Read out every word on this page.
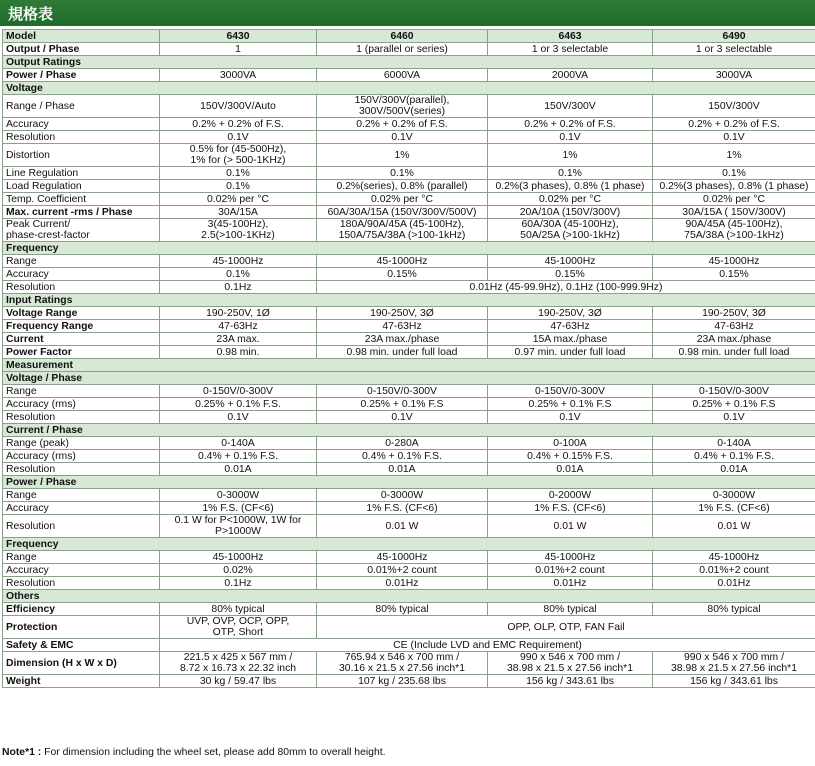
規格表
Model	6430	6460	6463	6490
Output / Phase	1	1 (parallel or series)	1 or 3 selectable	1 or 3 selectable
Output Ratings				
Power / Phase	3000VA	6000VA	2000VA	3000VA
Voltage				
Range / Phase	150V/300V/Auto	150V/300V(parallel),
300V/500V(series)	150V/300V	150V/300V
Accuracy	0.2% + 0.2% of F.S.	0.2% + 0.2% of F.S.	0.2% + 0.2% of F.S.	0.2% + 0.2% of F.S.
Resolution	0.1V	0.1V	0.1V	0.1V
Distortion	0.5% for (45-500Hz),
1% for (> 500-1KHz)	1%	1%	1%
Line Regulation	0.1%	0.1%	0.1%	0.1%
Load Regulation	0.1%	0.2%(series), 0.8% (parallel)	0.2%(3 phases), 0.8% (1 phase)	0.2%(3 phases), 0.8% (1 phase)
Temp. Coefficient	0.02% per °C	0.02% per °C	0.02% per °C	0.02% per °C
Max. current -rms / Phase	30A/15A	60A/30A/15A (150V/300V/500V)	20A/10A (150V/300V)	30A/15A ( 150V/300V)
Peak Current/
phase-crest-factor	3(45-100Hz),
2.5(>100-1KHz)	180A/90A/45A (45-100Hz),
150A/75A/38A (>100-1kHz)	60A/30A (45-100Hz),
50A/25A (>100-1kHz)	90A/45A (45-100Hz),
75A/38A (>100-1kHz)
Frequency				
Range	45-1000Hz	45-1000Hz	45-1000Hz	45-1000Hz
Accuracy	0.1%	0.15%	0.15%	0.15%
Resolution	0.1Hz	0.01Hz (45-99.9Hz), 0.1Hz (100-999.9Hz)		
Input Ratings				
Voltage Range	190-250V, 1Ø	190-250V, 3Ø	190-250V, 3Ø	190-250V, 3Ø
Frequency Range	47-63Hz	47-63Hz	47-63Hz	47-63Hz
Current	23A max.	23A max./phase	15A max./phase	23A max./phase
Power Factor	0.98 min.	0.98 min. under full load	0.97 min. under full load	0.98 min. under full load
Measurement				
Voltage / Phase				
Range	0-150V/0-300V	0-150V/0-300V	0-150V/0-300V	0-150V/0-300V
Accuracy (rms)	0.25% + 0.1% F.S.	0.25% + 0.1% F.S	0.25% + 0.1% F.S	0.25% + 0.1% F.S
Resolution	0.1V	0.1V	0.1V	0.1V
Current / Phase				
Range (peak)	0-140A	0-280A	0-100A	0-140A
Accuracy (rms)	0.4% + 0.1% F.S.	0.4% + 0.1% F.S.	0.4% + 0.15% F.S.	0.4% + 0.1% F.S.
Resolution	0.01A	0.01A	0.01A	0.01A
Power / Phase				
Range	0-3000W	0-3000W	0-2000W	0-3000W
Accuracy	1% F.S. (CF<6)	1% F.S. (CF<6)	1% F.S. (CF<6)	1% F.S. (CF<6)
Resolution	0.1 W for P<1000W, 1W for
P>1000W	0.01 W	0.01 W	0.01 W
Frequency				
Range	45-1000Hz	45-1000Hz	45-1000Hz	45-1000Hz
Accuracy	0.02%	0.01%+2 count	0.01%+2 count	0.01%+2 count
Resolution	0.1Hz	0.01Hz	0.01Hz	0.01Hz
Others				
Efficiency	80% typical	80% typical	80% typical	80% typical
Protection	UVP, OVP, OCP, OPP,
OTP, Short	OPP, OLP, OTP, FAN Fail		
Safety & EMC	CE (Include LVD and EMC Requirement)			
Dimension (H x W x D)	221.5 x 425 x 567 mm /
8.72 x 16.73 x 22.32 inch	765.94 x 546 x 700 mm /
30.16 x 21.5 x 27.56 inch*1	990 x 546 x 700 mm /
38.98 x 21.5 x 27.56 inch*1	990 x 546 x 700 mm /
38.98 x 21.5 x 27.56 inch*1
Weight	30 kg / 59.47 lbs	107 kg / 235.68 lbs	156 kg / 343.61 lbs	156 kg / 343.61 lbs
Note*1 : For dimension including the wheel set, please add 80mm to overall height.
